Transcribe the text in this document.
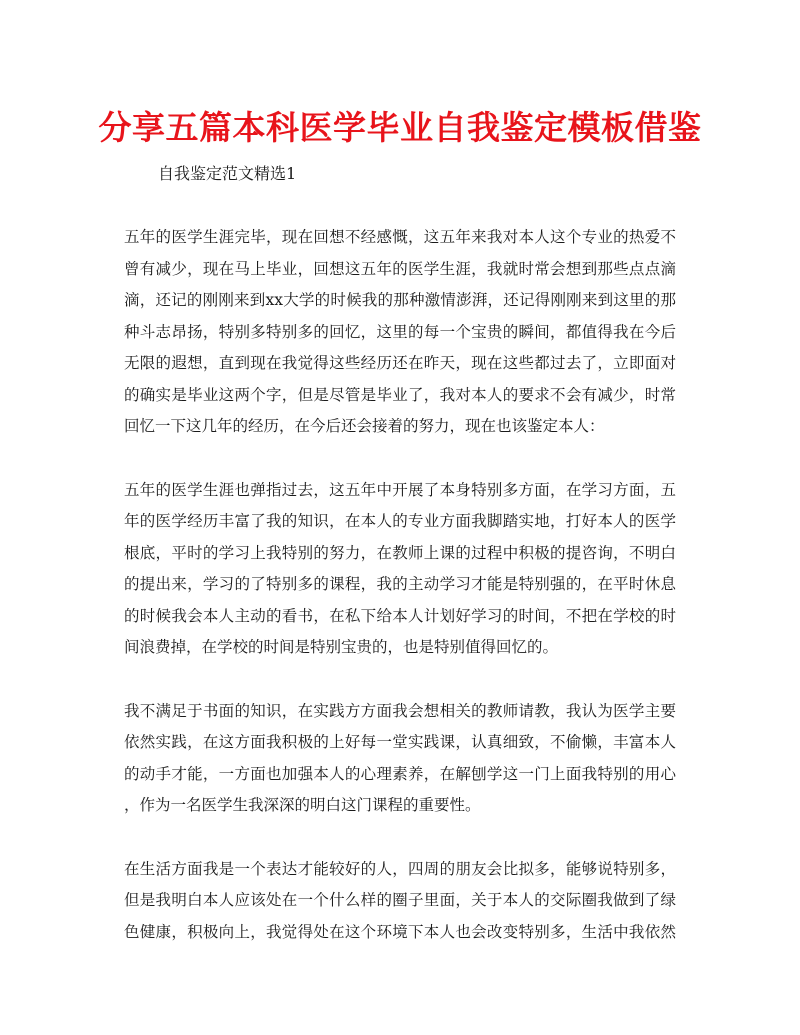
分享五篇本科医学毕业自我鉴定模板借鉴

自我鉴定范文精选1

五年的医学生涯完毕，现在回想不经感慨，这五年来我对本人这个专业的热爱不
曾有减少，现在马上毕业，回想这五年的医学生涯，我就时常会想到那些点点滴
滴，还记的刚刚来到xx大学的时候我的那种激情澎湃，还记得刚刚来到这里的那
种斗志昂扬，特别多特别多的回忆，这里的每一个宝贵的瞬间，都值得我在今后
无限的遐想，直到现在我觉得这些经历还在昨天，现在这些都过去了，立即面对
的确实是毕业这两个字，但是尽管是毕业了，我对本人的要求不会有减少，时常
回忆一下这几年的经历，在今后还会接着的努力，现在也该鉴定本人：
五年的医学生涯也弹指过去，这五年中开展了本身特别多方面，在学习方面，五
年的医学经历丰富了我的知识，在本人的专业方面我脚踏实地，打好本人的医学
根底，平时的学习上我特别的努力，在教师上课的过程中积极的提咨询，不明白
的提出来，学习的了特别多的课程，我的主动学习才能是特别强的，在平时休息
的时候我会本人主动的看书，在私下给本人计划好学习的时间，不把在学校的时
间浪费掉，在学校的时间是特别宝贵的，也是特别值得回忆的。
我不满足于书面的知识，在实践方方面我会想相关的教师请教，我认为医学主要
依然实践，在这方面我积极的上好每一堂实践课，认真细致，不偷懒，丰富本人
的动手才能，一方面也加强本人的心理素养，在解刨学这一门上面我特别的用心
，作为一名医学生我深深的明白这门课程的重要性。
在生活方面我是一个表达才能较好的人，四周的朋友会比拟多，能够说特别多，
但是我明白本人应该处在一个什么样的圈子里面，关于本人的交际圈我做到了绿
色健康，积极向上，我觉得处在这个环境下本人也会改变特别多，生活中我依然
